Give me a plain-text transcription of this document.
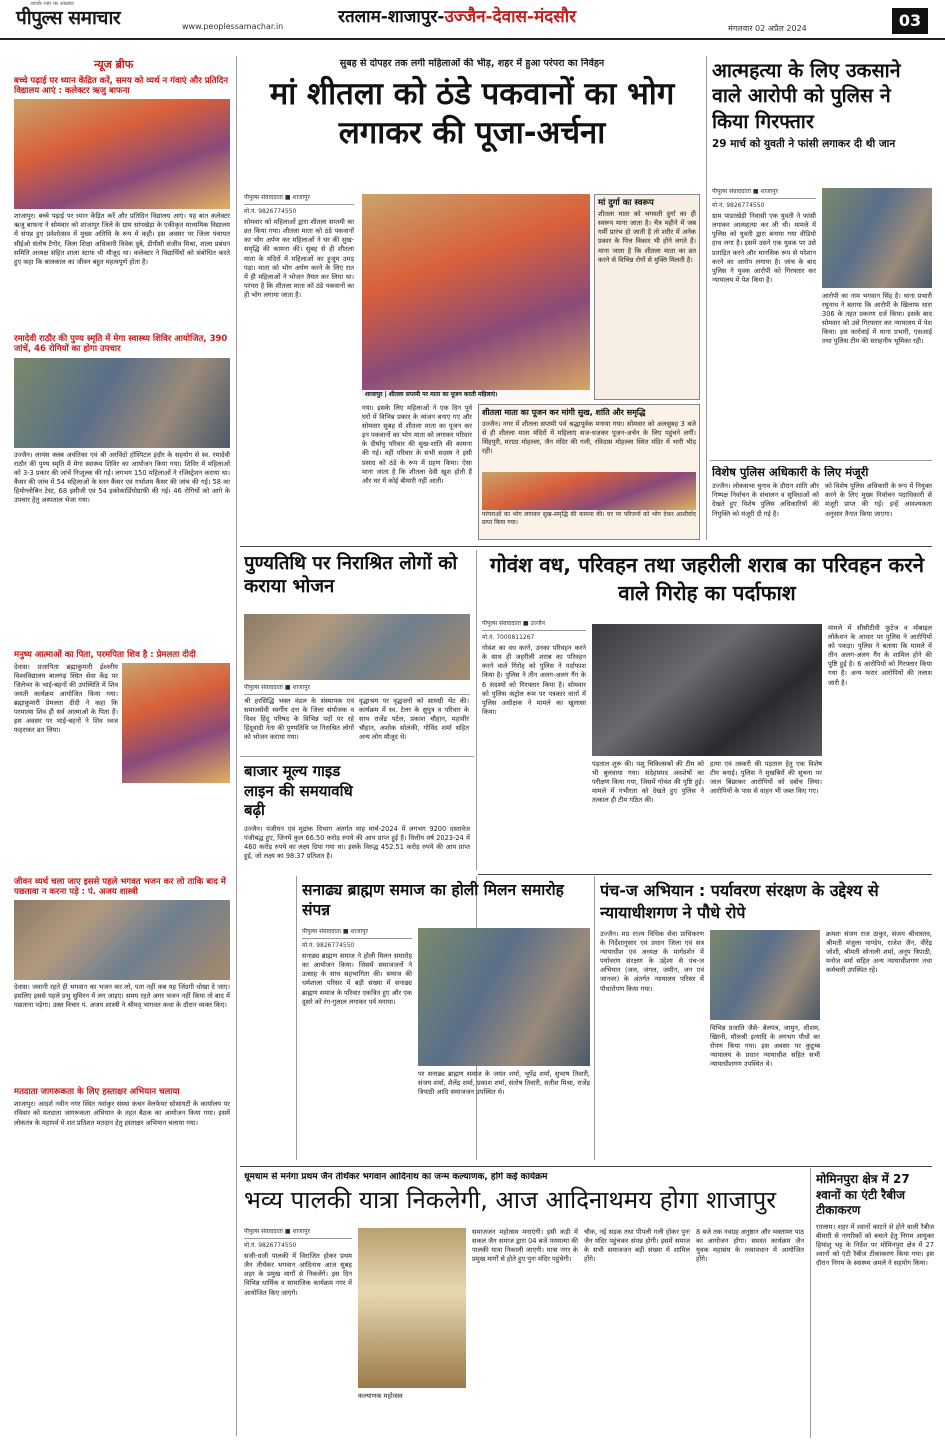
आपके शहर का अखबार
पीपुल्स समाचार	www.peoplessamachar.in	रतलाम-शाजापुर-उज्जैन-देवास-मंदसौर
मंगलवार 02 अप्रैल 2024	03
न्यूज ब्रीफ
बच्चे पढ़ाई पर ध्यान केंद्रित करें, समय को व्यर्थ न गंवाएं और प्रतिदिन विद्यालय आएं : कलेक्टर ऋजु बाफना
शाजापुर। बच्चे पढ़ाई पर ध्यान केंद्रित करें और प्रतिदिन विद्यालय आएं। यह बात कलेक्टर ऋजु बाफना ने सोमवार को शाजापुर जिले के ग्राम सांपखेड़ा के एकीकृत माध्यमिक विद्यालय में संपन्न हुए प्रवेशोत्सव में मुख्य अतिथि के रूप में कही। इस अवसर पर जिला पंचायत सीईओ संतोष टैगोर, जिला शिक्षा अधिकारी विवेक दुबे, डीपीसी संजीव मिश्रा, शाला प्रबंधन समिति अध्यक्ष सहित शाला स्टाफ भी मौजूद था। कलेक्टर ने विद्यार्थियों को संबोधित करते हुए कहा कि बालकाल का जीवन बहुत महत्वपूर्ण होता है।
रमादेवी राठौर की पुण्य स्मृति में मेगा स्वास्थ्य शिविर आयोजित, 390 जांचें, 46 रोगियों का होगा उपचार
उज्जैन। लायंस क्लब अवंतिका एवं श्री अरविंदो हॉस्पिटल इंदौर के सहयोग से स्व. रमादेवी राठौर की पुण्य स्मृति में मेगा स्वास्थ्य शिविर का आयोजन किया गया। शिविर में महिलाओं को 3-3 प्रकार की जांचें निःशुल्क की गईं। लगभग 150 महिलाओं ने रजिस्ट्रेशन कराया था। कैंसर की जांच में 54 महिलाओं के स्तन कैंसर एवं गर्भाशय कैंसर की जांच की गई। 58 का हिमोग्लोबिन टेस्ट, 68 इसीजी एवं 54 इकोकार्डियोग्राफी की गई। 46 रोगियों को आगे के उपचार हेतु अस्पताल भेजा गया।
मनुष्य आत्माओं का पिता, परमपिता शिव है : प्रेमलता दीदी
देवास। प्रजापिता ब्रह्माकुमारी ईश्वरीय विश्वविद्यालय बालगढ़ स्थित सेवा केंद्र पर जिलेभर के भाई-बहनों की उपस्थिति में शिव जयंती कार्यक्रम आयोजित किया गया। ब्रह्माकुमारी प्रेमलता दीदी ने कहा कि परमात्मा शिव ही सर्व आत्माओं के पिता हैं। इस अवसर पर भाई-बहनों ने शिव ध्वज फहराकर व्रत लिया।
जीवन व्यर्थ चला जाए इससे पहले भगवत भजन कर लो ताकि बाद में पछतावा न करना पड़े : पं. अजय शास्त्री
देवास। जवानी रहते ही भगवान का भजन कर लो, पता नहीं कब यह जिंदगी धोखा दे जाए। इसलिए इससे पहले प्रभु सुमिरन में लग जाइए। समय रहते अगर भजन नहीं किया तो बाद में पछताना पड़ेगा। उक्त विचार पं. अजय शास्त्री ने श्रीमद् भागवत कथा के दौरान व्यक्त किए।
मतदाता जागरूकता के लिए हस्ताक्षर अभियान चलाया
शाजापुर। आदर्श नवीन नगर स्थित नवांकुर संस्था कंचन वेलफेयर सोसायटी के कार्यालय पर रविवार को मतदाता जागरूकता अभियान के तहत बैठक का आयोजन किया गया। इसमें लोकतंत्र के महापर्व में शत प्रतिशत मतदान हेतु हस्ताक्षर अभियान चलाया गया।
सुबह से दोपहर तक लगी महिलाओं की भीड़, शहर में हुआ परंपरा का निर्वहन
मां शीतला को ठंडे पकवानों का भोग लगाकर की पूजा-अर्चना
पीपुल्स संवाददाता ■ शाजापुर
मो.नं. 9826774550
सोमवार को महिलाओं द्वारा शीतला सप्तमी का व्रत किया गया। शीतला माता को ठंडे पकवानों का भोग अर्पण कर महिलाओं ने घर की सुख-समृद्धि की कामना की। सुबह से ही शीतला माता के मंदिरों में महिलाओं का हुजूम उमड़ पड़ा। माता को भोग अर्पण करने के लिए रात में ही महिलाओं ने भोजन तैयार कर लिया था। परंपरा है कि शीतला माता को ठंडे पकवानों का ही भोग लगाया जाता है।
शाजापुर | शीतला सप्तमी पर माता का पूजन करती महिलाएं।
मां दुर्गा का स्वरूप
शीतला माता को भगवती दुर्गा का ही स्वरूप माना जाता है। चैत्र महीने में जब गर्मी प्रारंभ हो जाती है तो शरीर में अनेक प्रकार के पित्त विकार भी होने लगते हैं। माना जाता है कि शीतला माता का व्रत करने से विभिन्न रोगों से मुक्ति मिलती है।
गया। इसके लिए महिलाओं ने एक दिन पूर्व घरों में विभिन्न प्रकार के व्यंजन बनाए गए और सोमवार सुबह से शीतला माता का पूजन कर इन पकवानों का भोग माता को लगाकर परिवार के दीर्घायु परिवार की सुख-शांति की कामना की गई। वहीं परिवार के सभी सदस्य ने इसी प्रसाद को ठंडे के रूप में ग्रहण किया। ऐसा माना जाता है कि शीतला देवी खुश होती हैं और घर में कोई बीमारी नहीं आती।
शीतला माता का पूजन कर मांगी सुख, शांति और समृद्धि
उज्जैन। नगर में शीतला सप्तमी पर्व श्रद्धापूर्वक मनाया गया। सोमवार को अलसुबह 3 बजे से ही शीतला माता मंदिरों में महिलाएं सज-धजकर पूजन-अर्चन के लिए पहुंचने लगीं। सिंहपुरी, मराठा मोहल्ला, जैन मंदिर की गली, रविदास मोहल्ला स्थित मंदिर में भारी भीड़ रही।
परंपराओं का भोग लगाकर सुख-समृद्धि की कामना की। घर पर परिजनों को भोग देकर आशीर्वाद प्राप्त किया गया।
आत्महत्या के लिए उकसाने वाले आरोपी को पुलिस ने किया गिरफ्तार
29 मार्च को युवती ने फांसी लगाकर दी थी जान
पीपुल्स संवाददाता ■ शाजापुर
मो.नं. 9826774550
ग्राम पाडरखेड़ी निवासी एक युवती ने फांसी लगाकर आत्महत्या कर ली थी। मामले में पुलिस को युवती द्वारा बनाया गया वीडियो हाथ लगा है। इसमें उसने एक युवक पर उसे प्रताड़ित करने और मानसिक रूप से परेशान करने का आरोप लगाया है। जांच के बाद पुलिस ने युवक आरोपी को गिरफ्तार कर न्यायालय में पेश किया है।
आरोपी का नाम भगवान सिंह है। थाना प्रभारी रघुनाथ ने बताया कि आरोपी के खिलाफ धारा 306 के तहत प्रकरण दर्ज किया। इसके बाद सोमवार को उसे गिरफ्तार कर न्यायालय में पेश किया। इस कार्रवाई में थाना प्रभारी, एसआई तथा पुलिस टीम की सराहनीय भूमिका रही।
विशेष पुलिस अधिकारी के लिए मंजूरी
उज्जैन। लोकसभा चुनाव के दौरान शांति और निष्पक्ष निर्वाचन के संचालन व सुविधाओं को देखते हुए विशेष पुलिस अधिकारियों की नियुक्ति को मंजूरी दी गई है।
को विशेष पुलिस अधिकारी के रूप में नियुक्त करने के लिए मुख्य निर्वाचन पदाधिकारी से मंजूरी प्राप्त की गई। इन्हें आवश्यकता अनुसार तैनात किया जाएगा।
पुण्यतिथि पर निराश्रित लोगों को कराया भोजन
पीपुल्स संवाददाता ■ शाजापुर
श्री हरसिद्धि भक्त मंडल के संस्थापक एवं समाजसेवी स्वर्गीय दत्त के जिला संयोजक व विश्व हिंदू परिषद के विभिन्न पदों पर रहे हिंदूवादी नेता की पुण्यतिथि पर निराश्रित लोगों को भोजन कराया गया।
वृद्धाश्रम पर वृद्धजनों को सामग्री भेंट की। कार्यक्रम में स्व. टेलर के सुपुत्र व परिवार के साथ राजेंद्र पटेल, प्रकाश चौहान, महावीर चौहान, अशोक सोलंकी, गोविंद शर्मा सहित अन्य लोग मौजूद थे।
गोवंश वध, परिवहन तथा जहरीली शराब का परिवहन करने वाले गिरोह का पर्दाफाश
पीपुल्स संवाददाता ■ उज्जैन
मो.नं. 7000811267
गोवंश का वध करने, उनका परिवहन करने के साथ ही जहरीली शराब का परिवहन करने वाले गिरोह को पुलिस ने पर्दाफाश किया है। पुलिस ने तीन अलग-अलग गैंग के 6 सदस्यों को गिरफ्तार किया है। सोमवार को पुलिस कंट्रोल रूम पर पत्रकार वार्ता में पुलिस अधीक्षक ने मामले का खुलासा किया।
पड़ताल शुरू की। पशु चिकित्सकों की टीम को भी बुलवाया गया। संदेहास्पद अवशेषों का परीक्षण किया गया, जिसमें गोवंश की पुष्टि हुई। मामले में गंभीरता को देखते हुए पुलिस ने तत्काल ही टीम गठित की।
हत्या एवं तस्करी की पड़ताल हेतु एक विशेष टीम बनाई। पुलिस ने मुखबिरों की सूचना पर जाल बिछाकर आरोपियों को दबोच लिया। आरोपियों के पास से वाहन भी जब्त किए गए।
मामले में सीसीटीवी फुटेज व मोबाइल लोकेशन के आधार पर पुलिस ने आरोपियों को पकड़ा। पुलिस ने बताया कि मामले में तीन अलग-अलग गैंग के शामिल होने की पुष्टि हुई है। 6 आरोपियों को गिरफ्तार किया गया है। अन्य फरार आरोपियों की तलाश जारी है।
बाजार मूल्य गाइड लाइन की समयावधि बढ़ी
उज्जैन। पंजीयन एवं मुद्रांक विभाग अंतर्गत माह मार्च-2024 में लगभग 9200 दस्तावेज पंजीबद्ध हुए, जिनमें कुल 66.50 करोड़ रुपये की आय प्राप्त हुई है। वित्तीय वर्ष 2023-24 में 460 करोड़ रुपये का लक्ष्य दिया गया था। इसके विरुद्ध 452.51 करोड़ रुपये की आय प्राप्त हुई, जो लक्ष्य का 98.37 प्रतिशत है।
सनाढ्य ब्राह्मण समाज का होली मिलन समारोह संपन्न
पीपुल्स संवाददाता ■ शाजापुर
मो.नं. 9826774550
सनाढ्य ब्राह्मण समाज ने होली मिलन समारोह का आयोजन किया। जिसमें समाजजनों ने उत्साह के साथ सहभागिता की। समाज की धर्मशाला परिसर में बड़ी संख्या में सनाढ्य ब्राह्मण समाज के परिवार एकत्रित हुए और एक दूसरे को रंग-गुलाल लगाकर पर्व मनाया।
पर सनाढ्य ब्राह्मण समाज के जयंत शर्मा, भूपेंद्र शर्मा, सुभाष तिवारी, संजय शर्मा, शैलेंद्र शर्मा, प्रकाश शर्मा, संतोष तिवारी, सतीश मिश्रा, राजेंद्र त्रिपाठी आदि समाजजन उपस्थित थे।
पंच-ज अभियान : पर्यावरण संरक्षण के उद्देश्य से न्यायाधीशगण ने पौधे रोपे
उज्जैन। मप्र राज्य विधिक सेवा प्राधिकरण के निर्देशानुसार एवं प्रधान जिला एवं सत्र न्यायाधीश एवं अध्यक्ष के मार्गदर्शन में पर्यावरण संरक्षण के उद्देश्य से पंच-ज अभियान (जल, जंगल, जमीन, जन एवं जानवर) के अंतर्गत न्यायालय परिसर में पौधारोपण किया गया।
विभिन्न प्रजाति जैसे- बेलपत्र, जामुन, शीशम, खिरनी, मौलश्री इत्यादि के लगभग पौधों का रोपण किया गया। इस अवसर पर कुटुम्ब न्यायालय के प्रधान न्यायाधीश सहित सभी न्यायाधीशगण उपस्थित थे।
क्रमशः संजय राज ठाकुर, संजय श्रीवास्तव, श्रीमती मंजुला पाण्डेय, राजेश जैन, वीरेंद्र जोशी, श्रीमती सोनाली शर्मा, अनूप त्रिपाठी, मनोज वर्मा सहित अन्य न्यायाधीशगण तथा कर्मचारी उपस्थित रहे।
धूमधाम से मनेगा प्रथम जैन तीर्थंकर भगवान आदिनाथ का जन्म कल्याणक, होंगे कई कार्यक्रम
भव्य पालकी यात्रा निकलेगी, आज आदिनाथमय होगा शाजापुर
पीपुल्स संवाददाता ■ शाजापुर
मो.नं. 9826774550
सजी-धजी पालकी में विराजित होकर प्रथम जैन तीर्थंकर भगवान आदिनाथ आज सुबह शहर के प्रमुख मार्गों से निकलेंगे। इस दिन विभिन्न धार्मिक व सामाजिक कार्यक्रम नगर में आयोजित किए जाएंगे।
कल्याणक महोत्सव
समाजजन महोत्सव मनाएंगी। इसी कड़ी में सकल जैन समाज द्वारा 04 बजे परमात्मा की पालकी यात्रा निकाली जाएगी। यात्रा नगर के प्रमुख मार्गों से होते हुए पुनः मंदिर पहुंचेगी।
चौक, नई सड़क तथा पीपली गली होकर पुनः जैन मंदिर पहुंचकर संपन्न होगी। इसमें समाज के सभी समाजजन बड़ी संख्या में शामिल होंगे।
8 बजे तक नवग्रह अनुष्ठान और भक्तामर पाठ का आयोजन होगा। समस्त कार्यक्रम जैन युवक महासंघ के तत्वावधान में आयोजित होंगे।
मोमिनपुरा क्षेत्र में 27 श्वानों का एंटी रैबीज टीकाकरण
रतलाम। शहर में श्वानों काटने से होने वाली रैबीज बीमारी से नागरिकों को बचाने हेतु निगम आयुक्त हिमांशु भट्ट के निर्देश पर मोमिनपुरा क्षेत्र में 27 श्वानों को एंटी रैबीज टीकाकरण किया गया। इस दौरान निगम के स्वास्थ्य अमले ने सहयोग किया।
